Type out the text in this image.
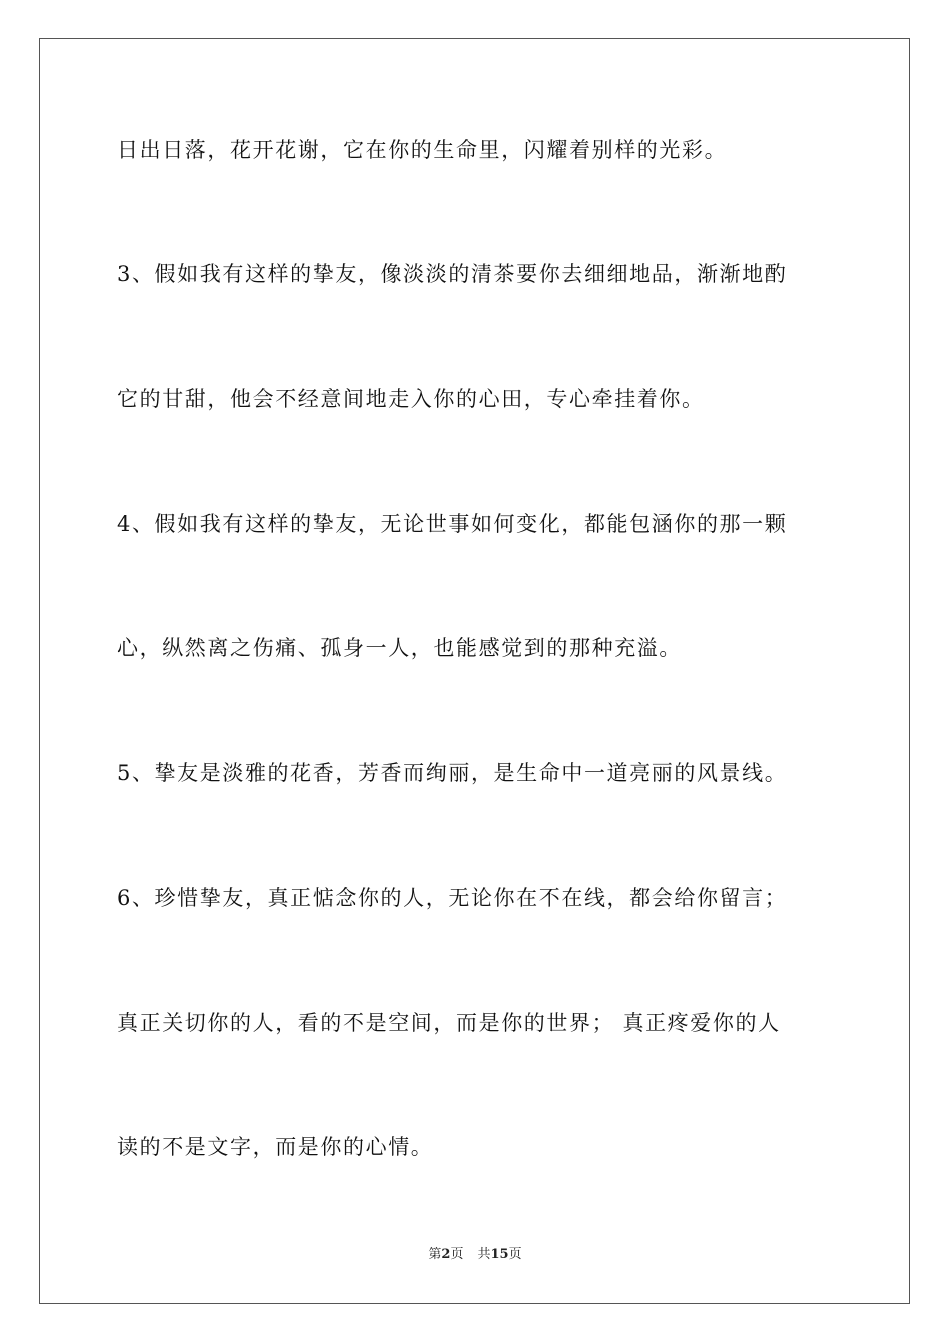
日出日落，花开花谢，它在你的生命里，闪耀着别样的光彩。
3、假如我有这样的挚友，像淡淡的清茶要你去细细地品，渐渐地酌
它的甘甜，他会不经意间地走入你的心田，专心牵挂着你。
4、假如我有这样的挚友，无论世事如何变化，都能包涵你的那一颗
心，纵然离之伤痛、孤身一人，也能感觉到的那种充溢。
5、挚友是淡雅的花香，芳香而绚丽，是生命中一道亮丽的风景线。
6、珍惜挚友，真正惦念你的人，无论你在不在线，都会给你留言；
真正关切你的人，看的不是空间，而是你的世界； 真正疼爱你的人
读的不是文字，而是你的心情。
第2页 共15页
